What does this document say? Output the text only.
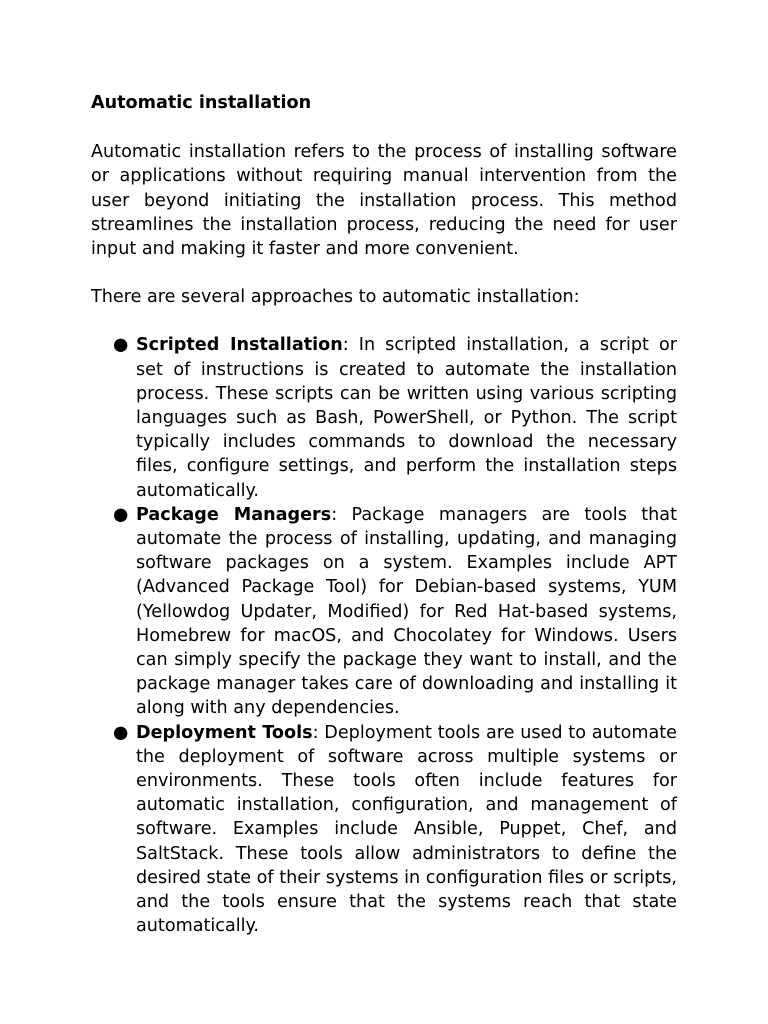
Automatic installation

Automatic installation refers to the process of installing software or applications without requiring manual intervention from the user beyond initiating the installation process. This method streamlines the installation process, reducing the need for user input and making it faster and more convenient.

There are several approaches to automatic installation:

● Scripted Installation: In scripted installation, a script or set of instructions is created to automate the installation process. These scripts can be written using various scripting languages such as Bash, PowerShell, or Python. The script typically includes commands to download the necessary files, configure settings, and perform the installation steps automatically.
● Package Managers: Package managers are tools that automate the process of installing, updating, and managing software packages on a system. Examples include APT (Advanced Package Tool) for Debian-based systems, YUM (Yellowdog Updater, Modified) for Red Hat-based systems, Homebrew for macOS, and Chocolatey for Windows. Users can simply specify the package they want to install, and the package manager takes care of downloading and installing it along with any dependencies.
● Deployment Tools: Deployment tools are used to automate the deployment of software across multiple systems or environments. These tools often include features for automatic installation, configuration, and management of software. Examples include Ansible, Puppet, Chef, and SaltStack. These tools allow administrators to define the desired state of their systems in configuration files or scripts, and the tools ensure that the systems reach that state automatically.
